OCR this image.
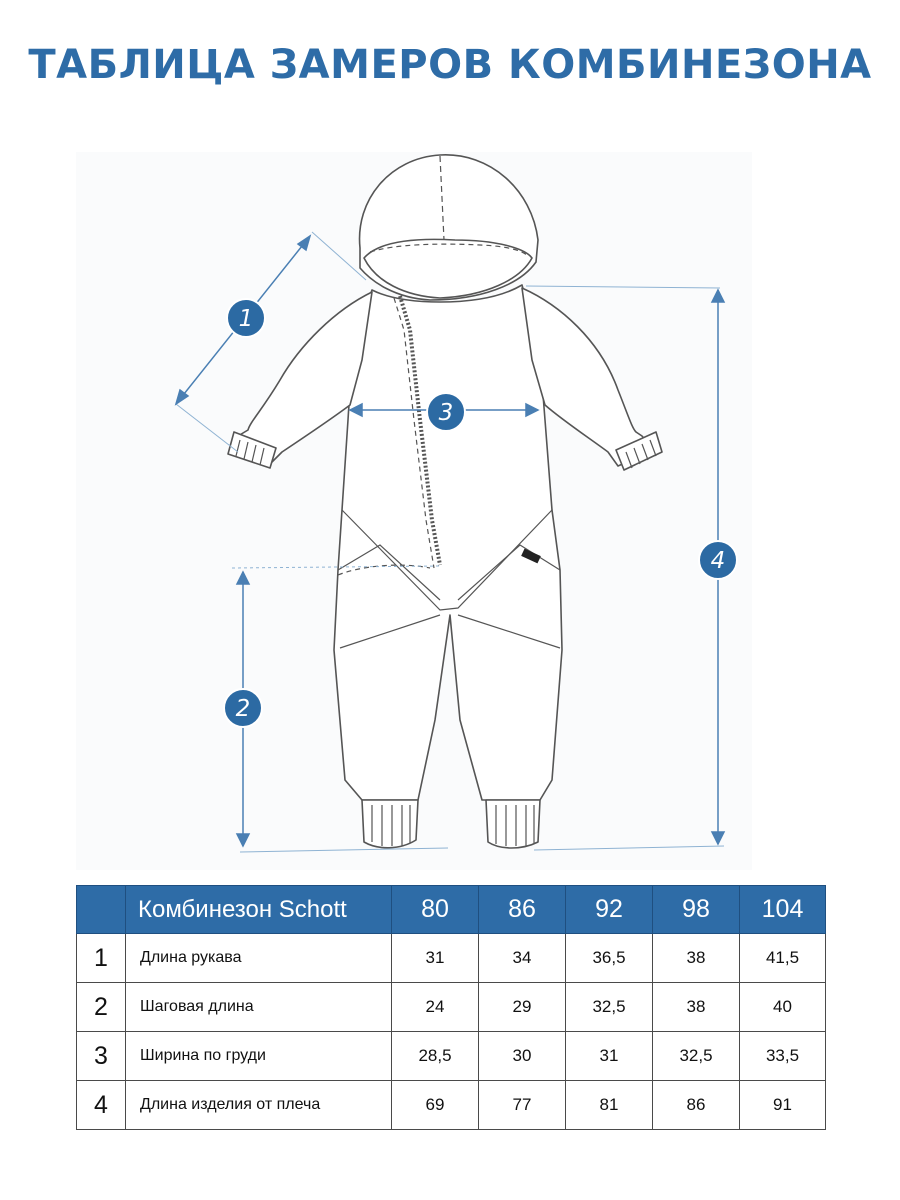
ТАБЛИЦА ЗАМЕРОВ КОМБИНЕЗОНА
1
3
2
4
	Комбинезон Schott	80	86	92	98	104
1	Длина рукава	31	34	36,5	38	41,5
2	Шаговая длина	24	29	32,5	38	40
3	Ширина по груди	28,5	30	31	32,5	33,5
4	Длина изделия от плеча	69	77	81	86	91
